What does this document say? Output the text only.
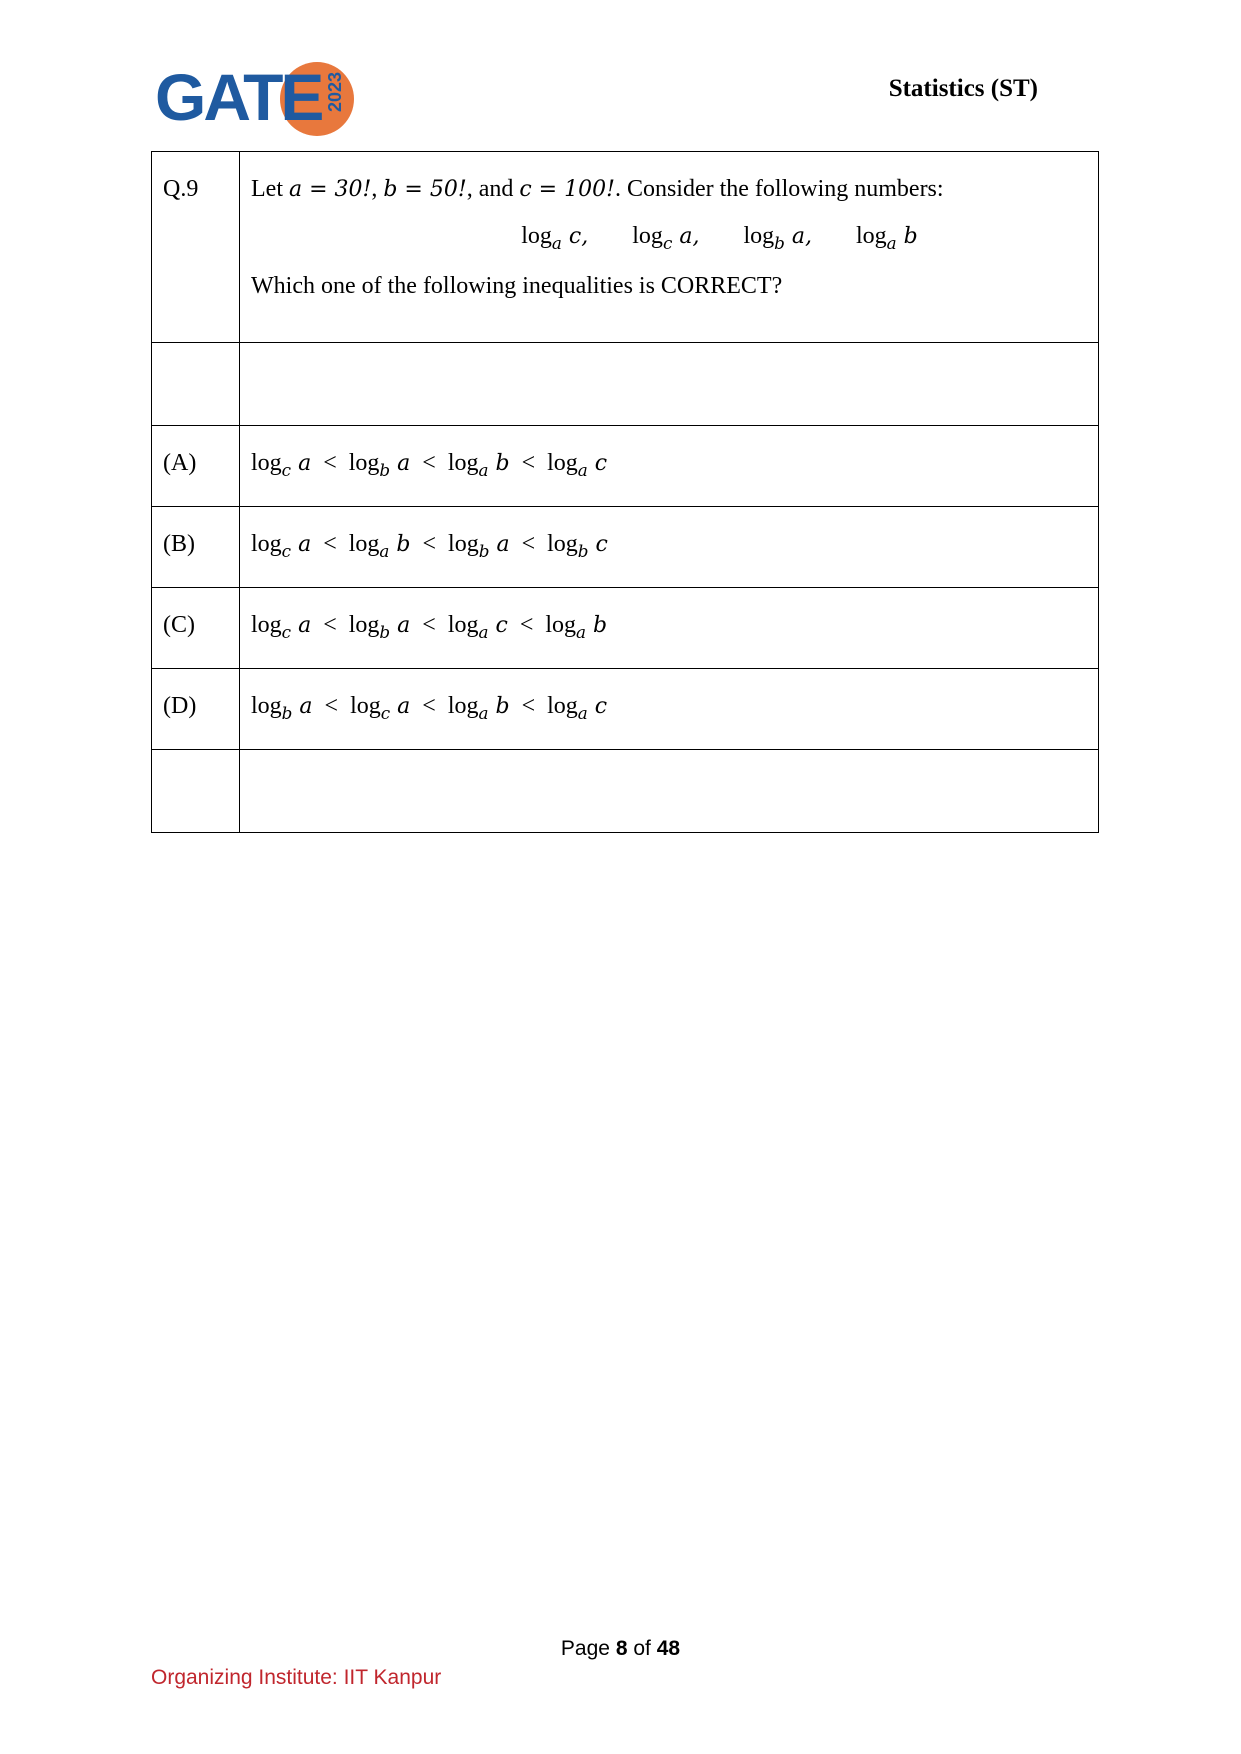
GATE 2023	Statistics (ST)
Q.9	Let a = 30!, b = 50!, and c = 100!. Consider the following numbers:
$\log_a c$, $\log_c a$, $\log_b a$, $\log_a b$
Which one of the following inequalities is CORRECT?

(A)	$\log_c a < \log_b a < \log_a b < \log_a c$
(B)	$\log_c a < \log_a b < \log_b a < \log_b c$
(C)	$\log_c a < \log_b a < \log_a c < \log_a b$
(D)	$\log_b a < \log_c a < \log_a b < \log_a c$

Page 8 of 48
Organizing Institute: IIT Kanpur
